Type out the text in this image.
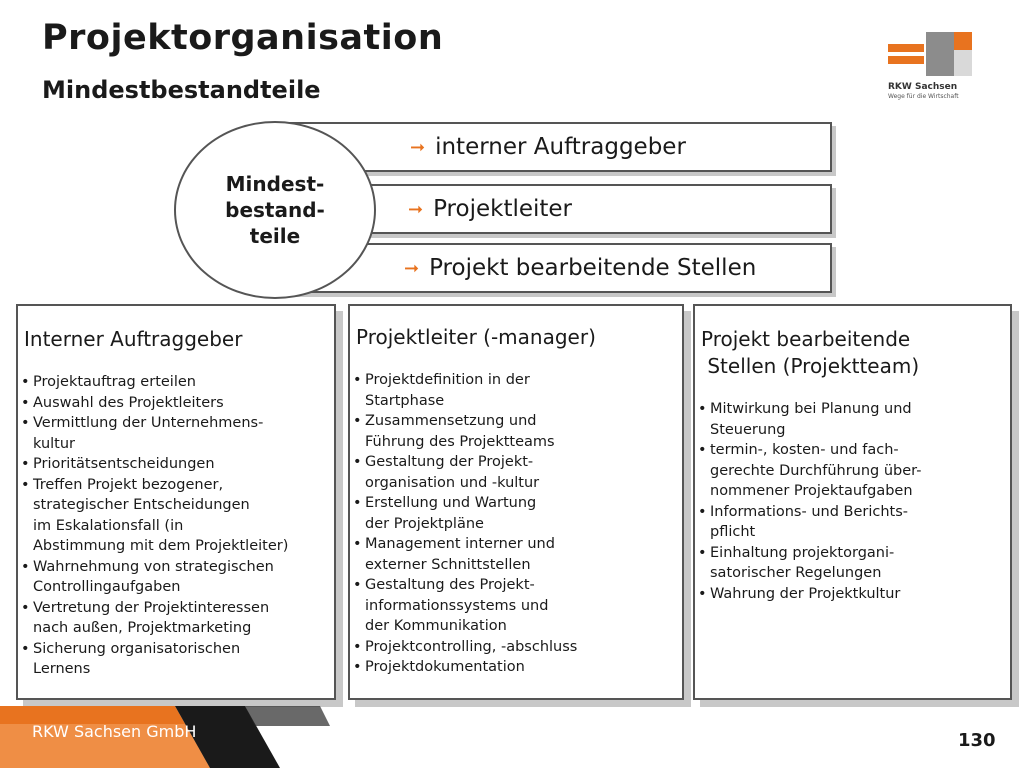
Projektorganisation
Mindestbestandteile	RKW Sachsen
Wege für die Wirtschaft
➞ interner Auftraggeber
➞ Projektleiter
➞ Projekt bearbeitende Stellen
Mindest-
bestand-
teile
Interner Auftraggeber
• Projektauftrag erteilen
• Auswahl des Projektleiters
• Vermittlung der Unternehmens-
kultur
• Prioritätsentscheidungen
• Treffen Projekt bezogener,
strategischer Entscheidungen
im Eskalationsfall (in
Abstimmung mit dem Projektleiter)
• Wahrnehmung von strategischen
Controllingaufgaben
• Vertretung der Projektinteressen
nach außen, Projektmarketing
• Sicherung organisatorischen
Lernens
Projektleiter (-manager)
• Projektdefinition in der
Startphase
• Zusammensetzung und
Führung des Projektteams
• Gestaltung der Projekt-
organisation und -kultur
• Erstellung und Wartung
der Projektpläne
• Management interner und
externer Schnittstellen
• Gestaltung des Projekt-
informationssystems und
der Kommunikation
• Projektcontrolling, -abschluss
• Projektdokumentation
Projekt bearbeitende
Stellen (Projektteam)
• Mitwirkung bei Planung und
Steuerung
• termin-, kosten- und fach-
gerechte Durchführung über-
nommener Projektaufgaben
• Informations- und Berichts-
pflicht
• Einhaltung projektorgani-
satorischer Regelungen
• Wahrung der Projektkultur
RKW Sachsen GmbH	130
